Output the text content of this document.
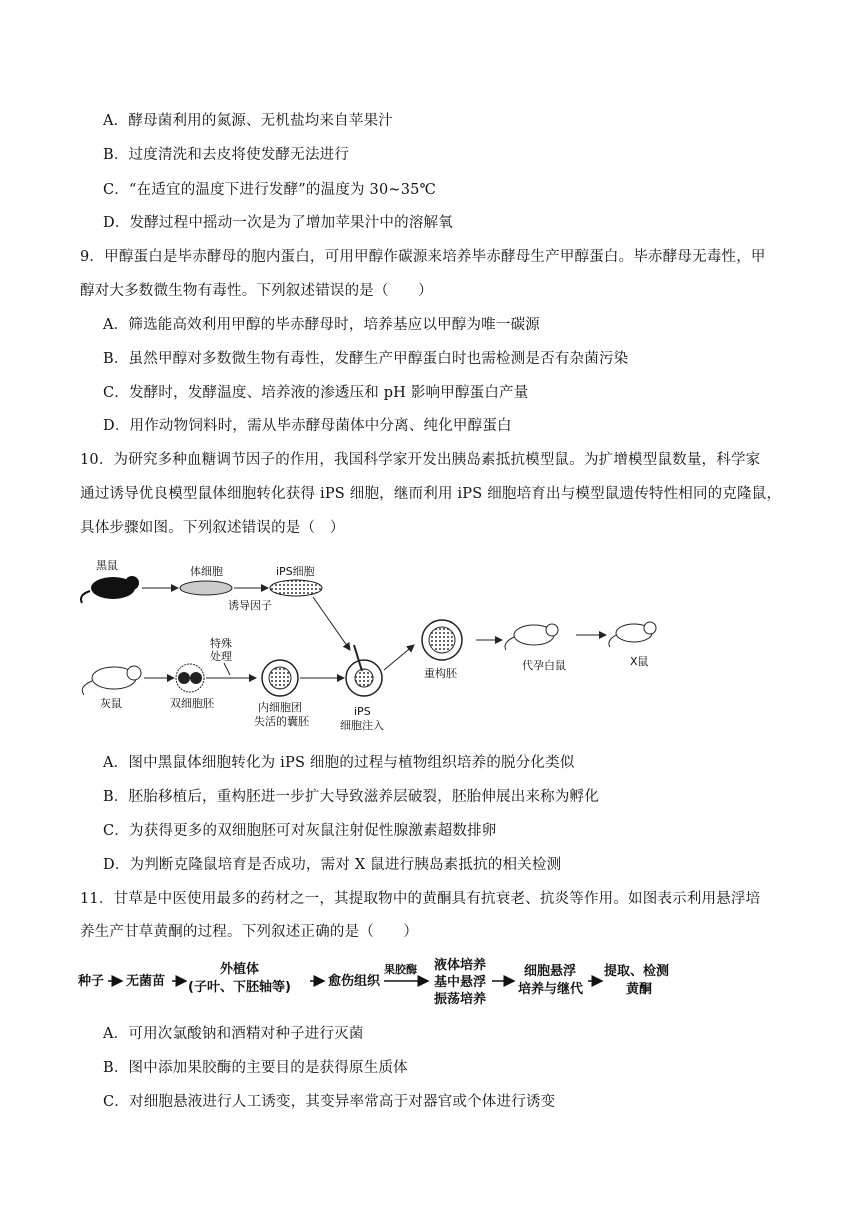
A．酵母菌利用的氮源、无机盐均来自苹果汁
B．过度清洗和去皮将使发酵无法进行
C．“在适宜的温度下进行发酵”的温度为 30~35℃
D．发酵过程中摇动一次是为了增加苹果汁中的溶解氧
9．甲醇蛋白是毕赤酵母的胞内蛋白，可用甲醇作碳源来培养毕赤酵母生产甲醇蛋白。毕赤酵母无毒性，甲
醇对大多数微生物有毒性。下列叙述错误的是（　　）
A．筛选能高效利用甲醇的毕赤酵母时，培养基应以甲醇为唯一碳源
B．虽然甲醇对多数微生物有毒性，发酵生产甲醇蛋白时也需检测是否有杂菌污染
C．发酵时，发酵温度、培养液的渗透压和 pH 影响甲醇蛋白产量
D．用作动物饲料时，需从毕赤酵母菌体中分离、纯化甲醇蛋白
10．为研究多种血糖调节因子的作用，我国科学家开发出胰岛素抵抗模型鼠。为扩增模型鼠数量，科学家
通过诱导优良模型鼠体细胞转化获得 iPS 细胞，继而利用 iPS 细胞培育出与模型鼠遗传特性相同的克隆鼠，
具体步骤如图。下列叙述错误的是（　）
黑鼠	体细胞
诱导因子
iPS细胞
灰鼠	双细胞胚
特殊
处理
内细胞团
失活的囊胚
iPS
细胞注入
重构胚
代孕白鼠	X鼠
A．图中黑鼠体细胞转化为 iPS 细胞的过程与植物组织培养的脱分化类似
B．胚胎移植后，重构胚进一步扩大导致滋养层破裂，胚胎伸展出来称为孵化
C．为获得更多的双细胞胚可对灰鼠注射促性腺激素超数排卵
D．为判断克隆鼠培育是否成功，需对 X 鼠进行胰岛素抵抗的相关检测
11．甘草是中医使用最多的药材之一，其提取物中的黄酮具有抗衰老、抗炎等作用。如图表示利用悬浮培
养生产甘草黄酮的过程。下列叙述正确的是（　　）
种子 无菌苗
外植体
(子叶、下胚轴等)	愈伤组织
果胶酶 液体培养
基中悬浮
振荡培养
细胞悬浮
培养与继代
提取、检测
黄酮
A．可用次氯酸钠和酒精对种子进行灭菌
B．图中添加果胶酶的主要目的是获得原生质体
C．对细胞悬液进行人工诱变，其变异率常高于对器官或个体进行诱变
